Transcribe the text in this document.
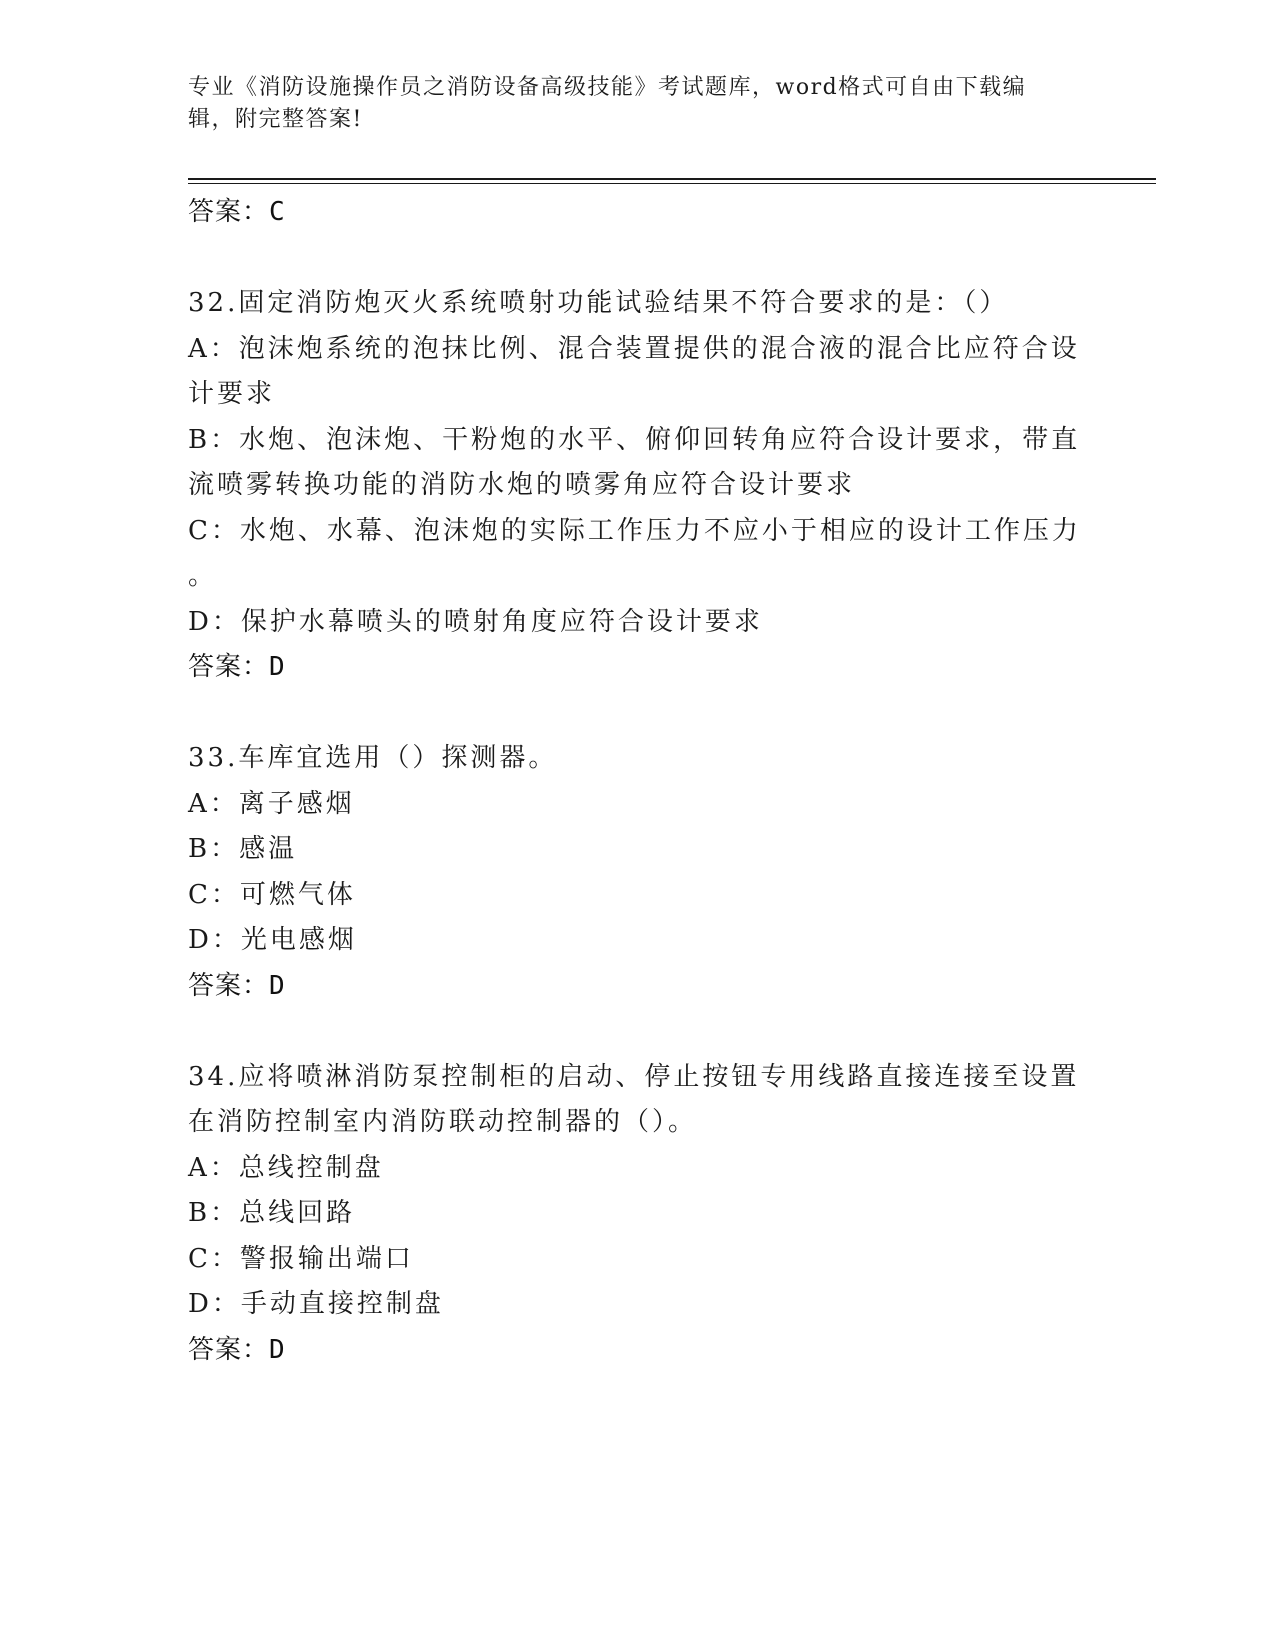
专业《消防设施操作员之消防设备高级技能》考试题库，word格式可自由下载编
辑，附完整答案!
答案：C
32.固定消防炮灭火系统喷射功能试验结果不符合要求的是：（）
A：泡沫炮系统的泡抹比例、混合装置提供的混合液的混合比应符合设
计要求
B：水炮、泡沫炮、干粉炮的水平、俯仰回转角应符合设计要求，带直
流喷雾转换功能的消防水炮的喷雾角应符合设计要求
C：水炮、水幕、泡沫炮的实际工作压力不应小于相应的设计工作压力
。
D：保护水幕喷头的喷射角度应符合设计要求
答案：D
33.车库宜选用（）探测器。
A：离子感烟
B：感温
C：可燃气体
D：光电感烟
答案：D
34.应将喷淋消防泵控制柜的启动、停止按钮专用线路直接连接至设置
在消防控制室内消防联动控制器的（）。
A：总线控制盘
B：总线回路
C：警报输出端口
D：手动直接控制盘
答案：D
